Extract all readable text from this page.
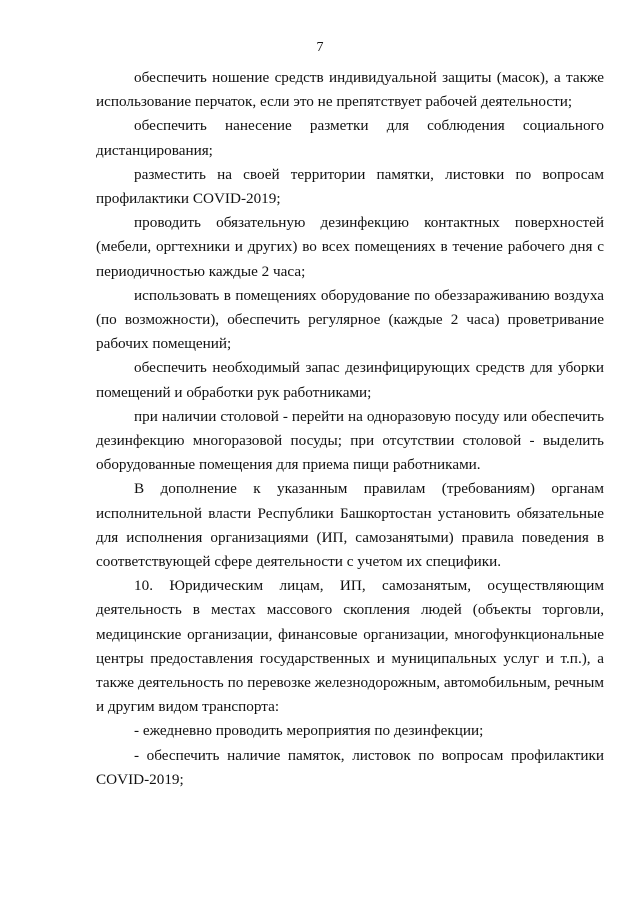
7

обеспечить ношение средств индивидуальной защиты (масок), а также использование перчаток, если это не препятствует рабочей деятельности;

обеспечить нанесение разметки для соблюдения социального дистанцирования;

разместить на своей территории памятки, листовки по вопросам профилактики COVID-2019;

проводить обязательную дезинфекцию контактных поверхностей (мебели, оргтехники и других) во всех помещениях в течение рабочего дня с периодичностью каждые 2 часа;

использовать в помещениях оборудование по обеззараживанию воздуха (по возможности), обеспечить регулярное (каждые 2 часа) проветривание рабочих помещений;

обеспечить необходимый запас дезинфицирующих средств для уборки помещений и обработки рук работниками;

при наличии столовой - перейти на одноразовую посуду или обеспечить дезинфекцию многоразовой посуды; при отсутствии столовой - выделить оборудованные помещения для приема пищи работниками.

В дополнение к указанным правилам (требованиям) органам исполнительной власти Республики Башкортостан установить обязательные для исполнения организациями (ИП, самозанятыми) правила поведения в соответствующей сфере деятельности с учетом их специфики.

10. Юридическим лицам, ИП, самозанятым, осуществляющим деятельность в местах массового скопления людей (объекты торговли, медицинские организации, финансовые организации, многофункциональные центры предоставления государственных и муниципальных услуг и т.п.), а также деятельность по перевозке железнодорожным, автомобильным, речным и другим видом транспорта:

- ежедневно проводить мероприятия по дезинфекции;

- обеспечить наличие памяток, листовок по вопросам профилактики COVID-2019;
